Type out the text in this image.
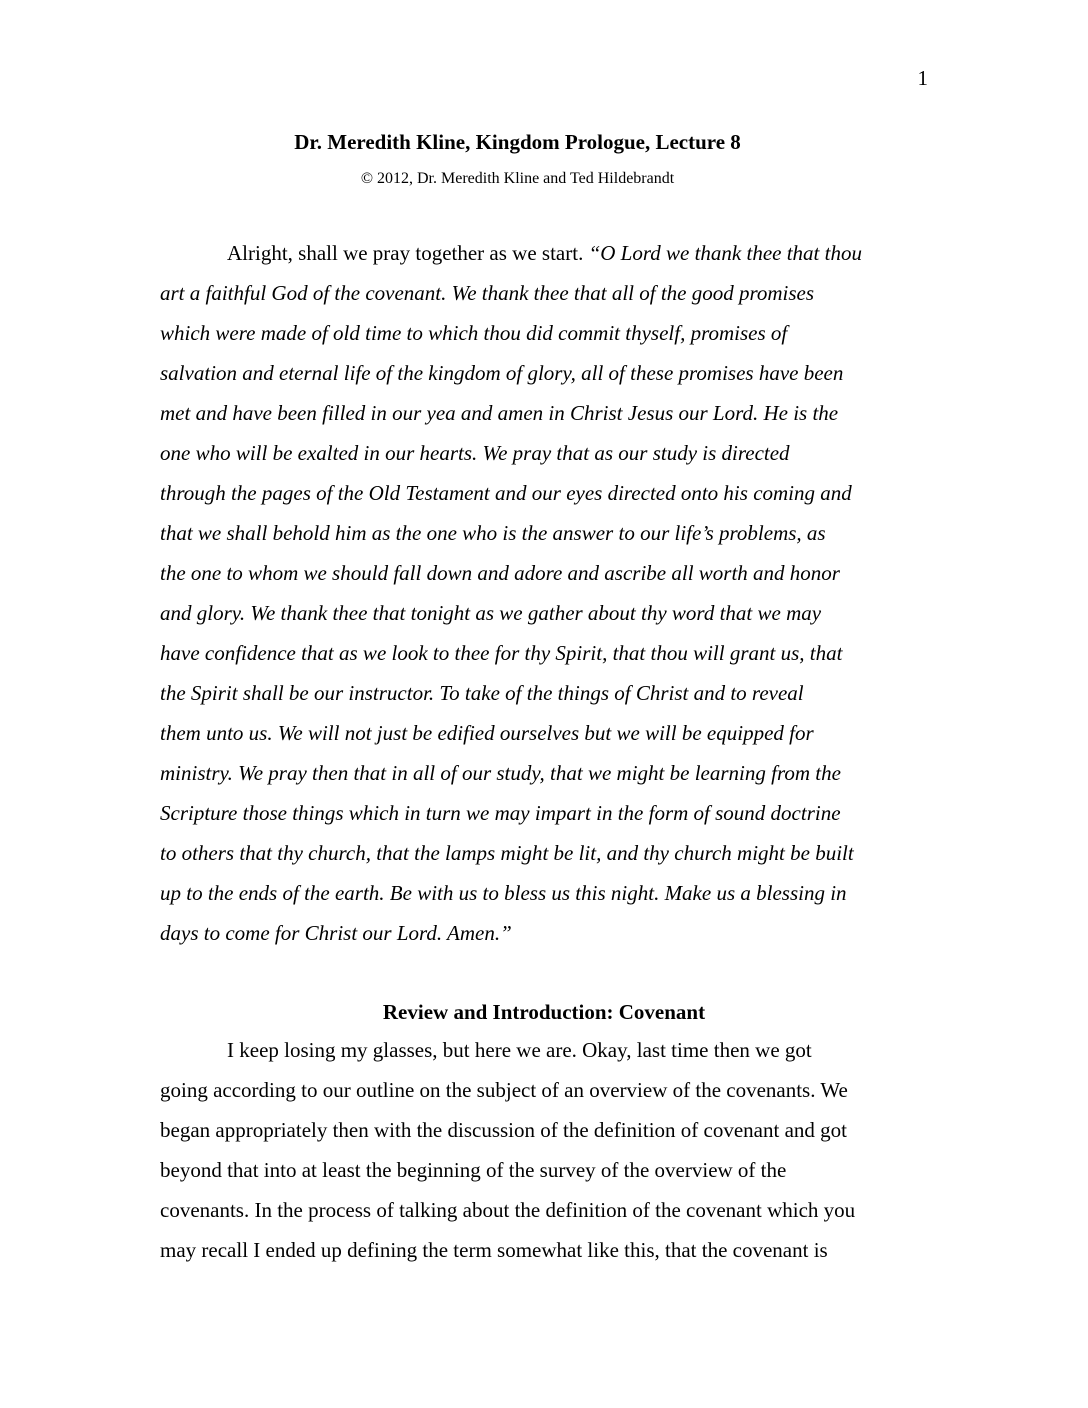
1
Dr. Meredith Kline, Kingdom Prologue, Lecture 8
© 2012, Dr. Meredith Kline and Ted Hildebrandt
Alright, shall we pray together as we start. “O Lord we thank thee that thou
art a faithful God of the covenant. We thank thee that all of the good promises
which were made of old time to which thou did commit thyself, promises of
salvation and eternal life of the kingdom of glory, all of these promises have been
met and have been filled in our yea and amen in Christ Jesus our Lord. He is the
one who will be exalted in our hearts. We pray that as our study is directed
through the pages of the Old Testament and our eyes directed onto his coming and
that we shall behold him as the one who is the answer to our life’s problems, as
the one to whom we should fall down and adore and ascribe all worth and honor
and glory. We thank thee that tonight as we gather about thy word that we may
have confidence that as we look to thee for thy Spirit, that thou will grant us, that
the Spirit shall be our instructor. To take of the things of Christ and to reveal
them unto us. We will not just be edified ourselves but we will be equipped for
ministry. We pray then that in all of our study, that we might be learning from the
Scripture those things which in turn we may impart in the form of sound doctrine
to others that thy church, that the lamps might be lit, and thy church might be built
up to the ends of the earth. Be with us to bless us this night. Make us a blessing in
days to come for Christ our Lord. Amen.”
Review and Introduction: Covenant
I keep losing my glasses, but here we are. Okay, last time then we got
going according to our outline on the subject of an overview of the covenants. We
began appropriately then with the discussion of the definition of covenant and got
beyond that into at least the beginning of the survey of the overview of the
covenants. In the process of talking about the definition of the covenant which you
may recall I ended up defining the term somewhat like this, that the covenant is
